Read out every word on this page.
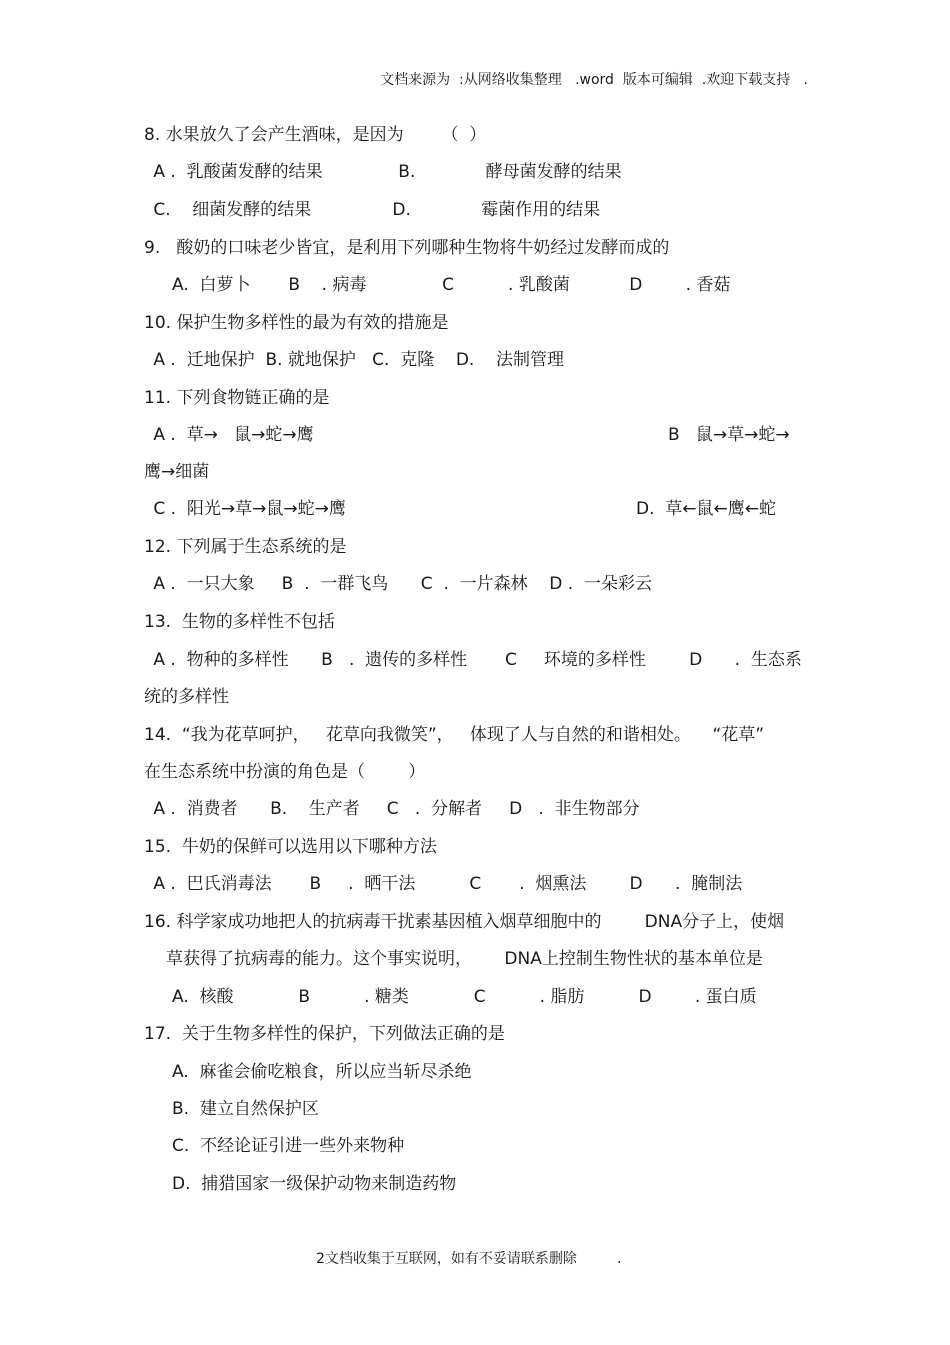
文档来源为  :从网络收集整理   .word  版本可编辑  .欢迎下载支持   .
8. 水果放久了会产生酒味，是因为       （  ）
A .  乳酸菌发酵的结果              B.             酵母菌发酵的结果
C.    细菌发酵的结果               D.             霉菌作用的结果
9.   酸奶的口味老少皆宜，是利用下列哪种生物将牛奶经过发酵而成的
A.  白萝卜       B    . 病毒              C          . 乳酸菌           D        . 香菇
10. 保护生物多样性的最为有效的措施是
A .  迁地保护  B. 就地保护   C.  克隆    D.    法制管理
11. 下列食物链正确的是
A .  草→   鼠→蛇→鹰	B   鼠→草→蛇→
鹰→细菌
C .  阳光→草→鼠→蛇→鹰	D.  草←鼠←鹰←蛇
12. 下列属于生态系统的是
A .  一只大象     B  .  一群飞鸟      C  .  一片森林    D .  一朵彩云
13.  生物的多样性不包括
A .  物种的多样性      B   .  遗传的多样性       C     环境的多样性        D      .  生态系
统的多样性
14.  “我为花草呵护，   花草向我微笑”，   体现了人与自然的和谐相处。    “花草”
在生态系统中扮演的角色是（        ）
A .  消费者      B.    生产者     C   .  分解者     D   .  非生物部分
15.  牛奶的保鲜可以选用以下哪种方法
A .  巴氏消毒法       B     .  晒干法          C       .  烟熏法        D      .  腌制法
16. 科学家成功地把人的抗病毒干扰素基因植入烟草细胞中的        DNA分子上，使烟
草获得了抗病毒的能力。这个事实说明，      DNA上控制生物性状的基本单位是
A.  核酸            B          . 糖类            C          . 脂肪          D        . 蛋白质
17.  关于生物多样性的保护，下列做法正确的是
A.  麻雀会偷吃粮食，所以应当斩尽杀绝
B.  建立自然保护区
C.  不经论证引进一些外来物种
D.  捕猎国家一级保护动物来制造药物
2文档收集于互联网，如有不妥请联系删除         .
